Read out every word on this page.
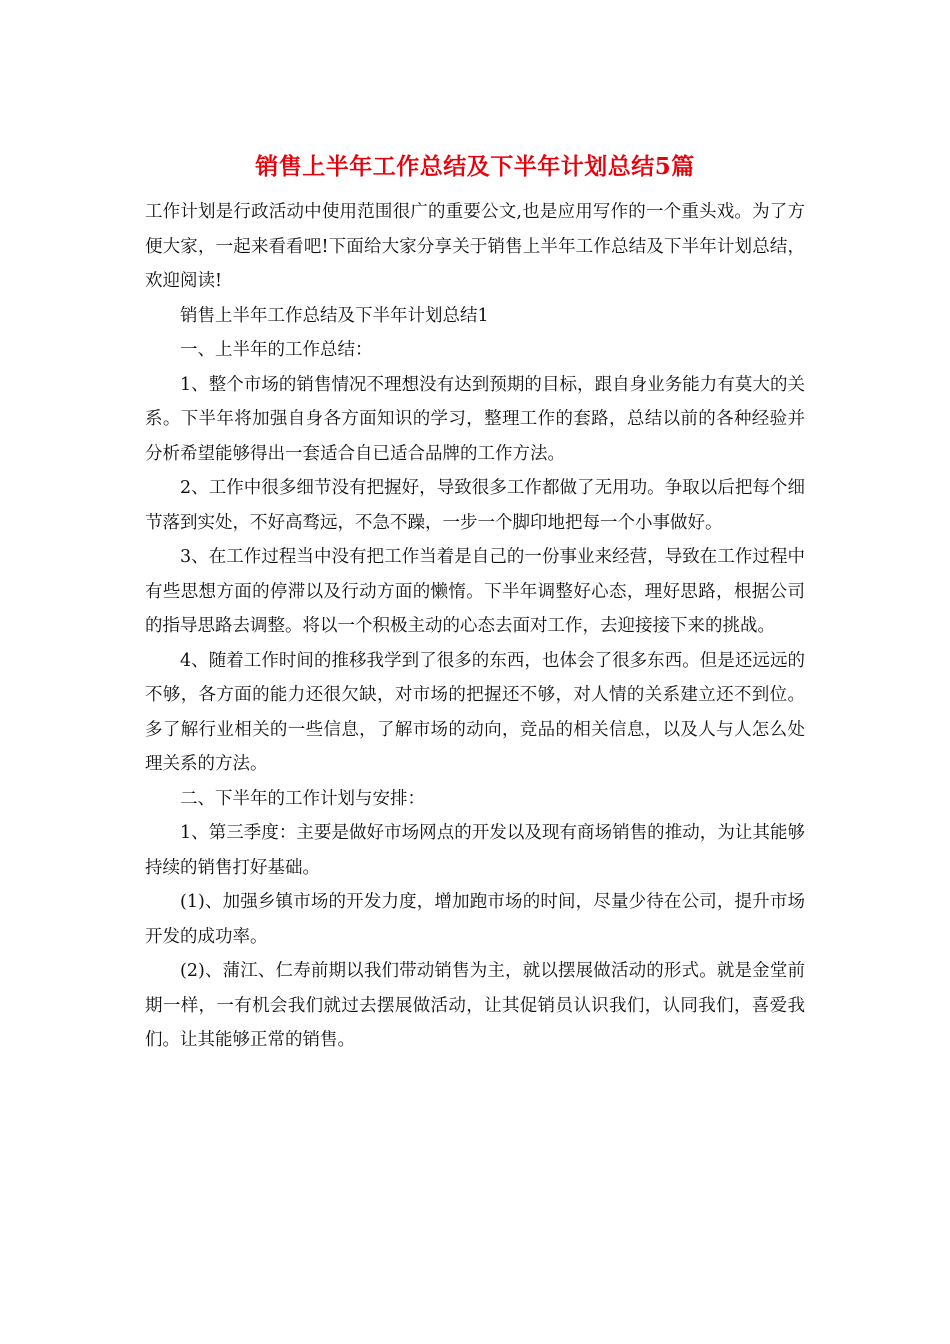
销售上半年工作总结及下半年计划总结5篇

工作计划是行政活动中使用范围很广的重要公文,也是应用写作的一个重头戏。为了方便大家，一起来看看吧!下面给大家分享关于销售上半年工作总结及下半年计划总结，欢迎阅读!

销售上半年工作总结及下半年计划总结1

一、上半年的工作总结：

1、整个市场的销售情况不理想没有达到预期的目标，跟自身业务能力有莫大的关系。下半年将加强自身各方面知识的学习，整理工作的套路，总结以前的各种经验并分析希望能够得出一套适合自已适合品牌的工作方法。

2、工作中很多细节没有把握好，导致很多工作都做了无用功。争取以后把每个细节落到实处，不好高骛远，不急不躁，一步一个脚印地把每一个小事做好。

3、在工作过程当中没有把工作当着是自己的一份事业来经营，导致在工作过程中有些思想方面的停滞以及行动方面的懒惰。下半年调整好心态，理好思路，根据公司的指导思路去调整。将以一个积极主动的心态去面对工作，去迎接接下来的挑战。

4、随着工作时间的推移我学到了很多的东西，也体会了很多东西。但是还远远的不够，各方面的能力还很欠缺，对市场的把握还不够，对人情的关系建立还不到位。多了解行业相关的一些信息，了解市场的动向，竞品的相关信息，以及人与人怎么处理关系的方法。

二、下半年的工作计划与安排：

1、第三季度：主要是做好市场网点的开发以及现有商场销售的推动，为让其能够持续的销售打好基础。

(1)、加强乡镇市场的开发力度，增加跑市场的时间，尽量少待在公司，提升市场开发的成功率。

(2)、蒲江、仁寿前期以我们带动销售为主，就以摆展做活动的形式。就是金堂前期一样，一有机会我们就过去摆展做活动，让其促销员认识我们，认同我们，喜爱我们。让其能够正常的销售。
